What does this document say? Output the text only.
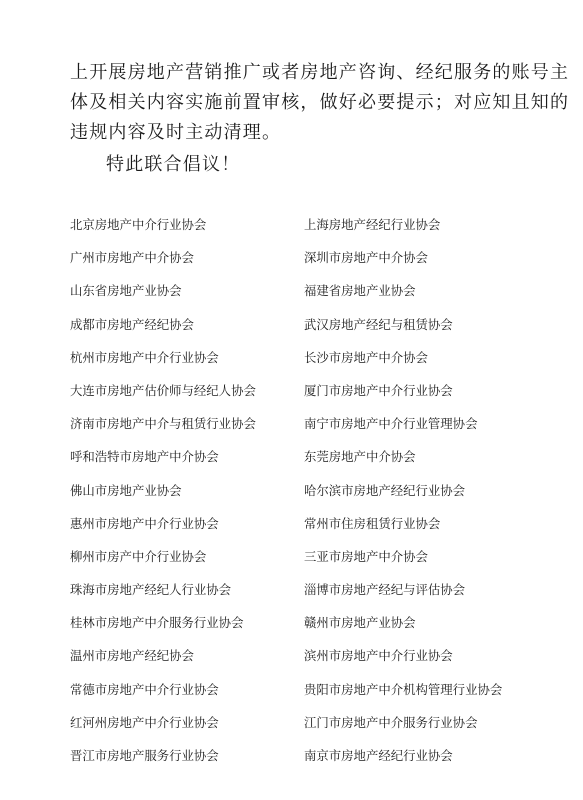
上开展房地产营销推广或者房地产咨询、经纪服务的账号主
体及相关内容实施前置审核，做好必要提示；对应知且知的
违规内容及时主动清理。

特此联合倡议！

北京房地产中介行业协会	上海房地产经纪行业协会
广州市房地产中介协会	深圳市房地产中介协会
山东省房地产业协会	福建省房地产业协会
成都市房地产经纪协会	武汉房地产经纪与租赁协会
杭州市房地产中介行业协会	长沙市房地产中介协会
大连市房地产估价师与经纪人协会	厦门市房地产中介行业协会
济南市房地产中介与租赁行业协会	南宁市房地产中介行业管理协会
呼和浩特市房地产中介协会	东莞房地产中介协会
佛山市房地产业协会	哈尔滨市房地产经纪行业协会
惠州市房地产中介行业协会	常州市住房租赁行业协会
柳州市房产中介行业协会	三亚市房地产中介协会
珠海市房地产经纪人行业协会	淄博市房地产经纪与评估协会
桂林市房地产中介服务行业协会	赣州市房地产业协会
温州市房地产经纪协会	滨州市房地产中介行业协会
常德市房地产中介行业协会	贵阳市房地产中介机构管理行业协会
红河州房地产中介行业协会	江门市房地产中介服务行业协会
晋江市房地产服务行业协会	南京市房地产经纪行业协会
